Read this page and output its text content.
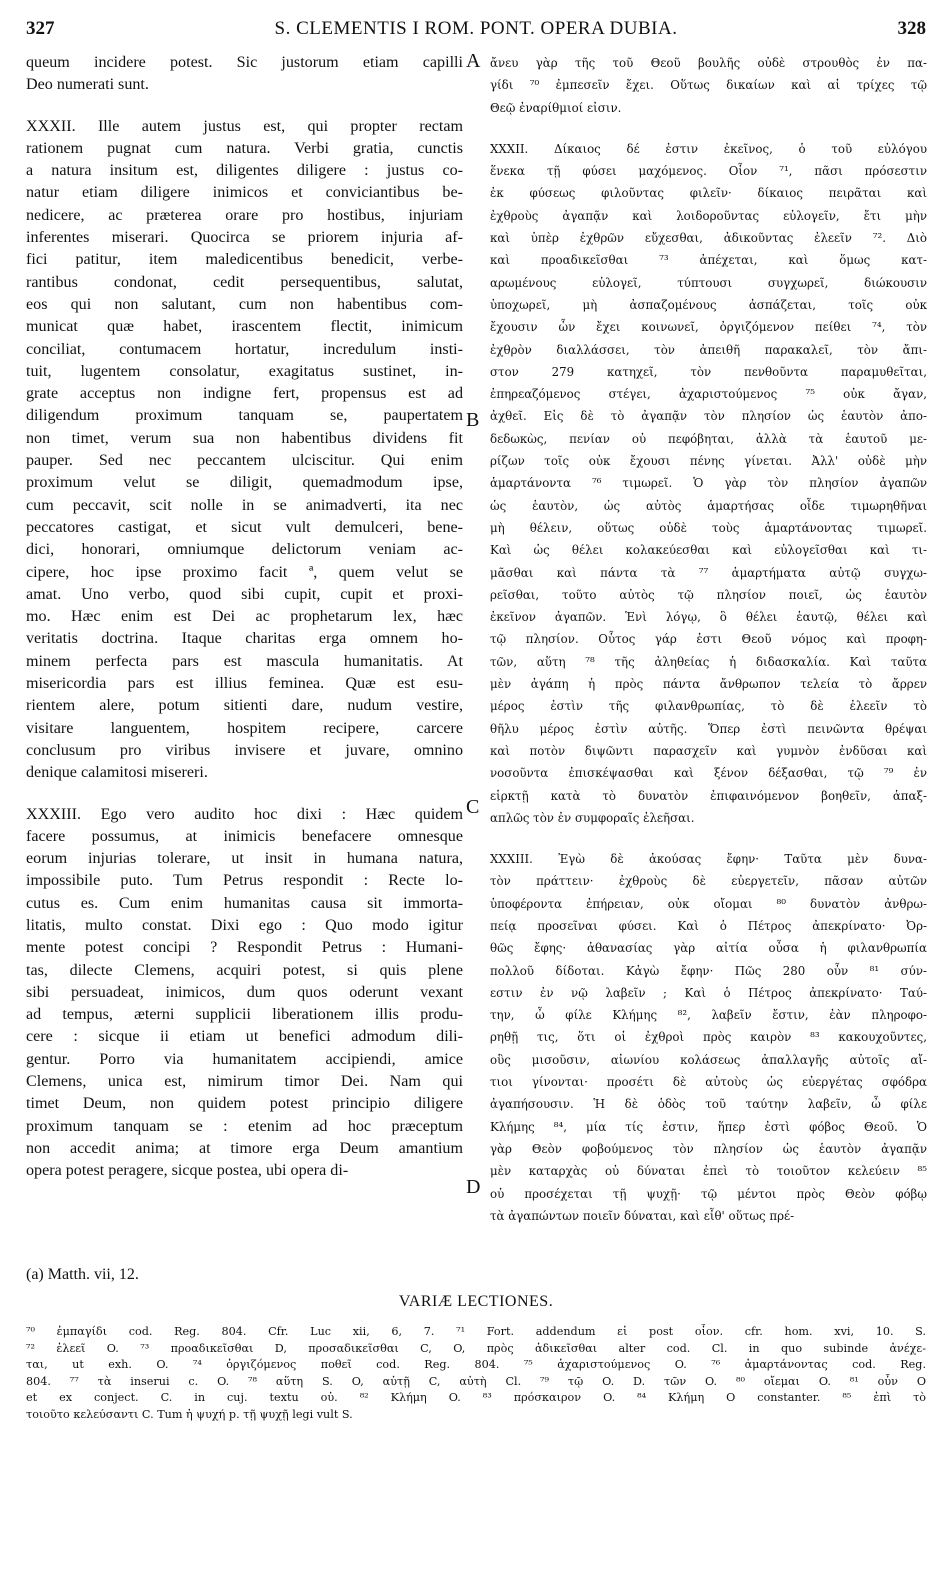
327	S. CLEMENTIS I ROM. PONT. OPERA DUBIA.	328
queum incidere potest. Sic justorum etiam capilli
Deo numerati sunt.
XXXII. Ille autem justus est, qui propter rectam
rationem pugnat cum natura. Verbi gratia, cunctis
a natura insitum est, diligentes diligere : justus co-
natur etiam diligere inimicos et conviciantibus be-
nedicere, ac præterea orare pro hostibus, injuriam
inferentes miserari. Quocirca se priorem injuria af-
fici patitur, item maledicentibus benedicit, verbe-
rantibus condonat, cedit persequentibus, salutat,
eos qui non salutant, cum non habentibus com-
municat quæ habet, irascentem flectit, inimicum
conciliat, contumacem hortatur, incredulum insti-
tuit, lugentem consolatur, exagitatus sustinet, in-
grate acceptus non indigne fert, propensus est ad
diligendum proximum tanquam se, paupertatem
non timet, verum sua non habentibus dividens fit
pauper. Sed nec peccantem ulciscitur. Qui enim
proximum velut se diligit, quemadmodum ipse,
cum peccavit, scit nolle in se animadverti, ita nec
peccatores castigat, et sicut vult demulceri, bene-
dici, honorari, omniumque delictorum veniam ac-
cipere, hoc ipse proximo facit ª, quem velut se
amat. Uno verbo, quod sibi cupit, cupit et proxi-
mo. Hæc enim est Dei ac prophetarum lex, hæc
veritatis doctrina. Itaque charitas erga omnem ho-
minem perfecta pars est mascula humanitatis. At
misericordia pars est illius feminea. Quæ est esu-
rientem alere, potum sitienti dare, nudum vestire,
visitare languentem, hospitem recipere, carcere
conclusum pro viribus invisere et juvare, omnino
denique calamitosi misereri.
XXXIII. Ego vero audito hoc dixi : Hæc quidem
facere possumus, at inimicis benefacere omnesque
eorum injurias tolerare, ut insit in humana natura,
impossibile puto. Tum Petrus respondit : Recte lo-
cutus es. Cum enim humanitas causa sit immorta-
litatis, multo constat. Dixi ego : Quo modo igitur
mente potest concipi ? Respondit Petrus : Humani-
tas, dilecte Clemens, acquiri potest, si quis plene
sibi persuadeat, inimicos, dum quos oderunt vexant
ad tempus, æterni supplicii liberationem illis produ-
cere : sicque ii etiam ut benefici admodum dili-
gentur. Porro via humanitatem accipiendi, amice
Clemens, unica est, nimirum timor Dei. Nam qui
timet Deum, non quidem potest principio diligere
proximum tanquam se : etenim ad hoc præceptum
non accedit anima; at timore erga Deum amantium
opera potest peragere, sicque postea, ubi opera di-
ἄνευ γὰρ τῆς τοῦ Θεοῦ βουλῆς οὐδὲ στρουθὸς ἐν πα-
γίδι ⁷⁰ ἐμπεσεῖν ἔχει. Οὕτως δικαίων καὶ αἱ τρίχες τῷ
Θεῷ ἐναρίθμιοί εἰσιν.
XXXII. Δίκαιος δέ ἐστιν ἐκεῖνος, ὁ τοῦ εὐλόγου
ἕνεκα τῇ φύσει μαχόμενος. Οἷον ⁷¹, πᾶσι πρόσεστιν
ἐκ φύσεως φιλοῦντας φιλεῖν· δίκαιος πειρᾶται καὶ
ἐχθροὺς ἀγαπᾷν καὶ λοιδοροῦντας εὐλογεῖν, ἔτι μὴν
καὶ ὑπὲρ ἐχθρῶν εὔχεσθαι, ἀδικοῦντας ἐλεεῖν ⁷². Διὸ
καὶ προαδικεῖσθαι ⁷³ ἀπέχεται, καὶ ὅμως κατ-
αρωμένους εὐλογεῖ, τύπτουσι συγχωρεῖ, διώκουσιν
ὑποχωρεῖ, μὴ ἀσπαζομένους ἀσπάζεται, τοῖς οὐκ
ἔχουσιν ὧν ἔχει κοινωνεῖ, ὀργιζόμενον πείθει ⁷⁴, τὸν
ἐχθρὸν διαλλάσσει, τὸν ἀπειθῆ παρακαλεῖ, τὸν ἄπι-
στον 279 κατηχεῖ, τὸν πενθοῦντα παραμυθεῖται,
ἐπηρεαζόμενος στέγει, ἀχαριστούμενος ⁷⁵ οὐκ ἄγαν,
ἀχθεῖ. Εἰς δὲ τὸ ἀγαπᾷν τὸν πλησίον ὡς ἑαυτὸν ἀπο-
δεδωκὼς, πενίαν οὐ πεφόβηται, ἀλλὰ τὰ ἑαυτοῦ με-
ρίζων τοῖς οὐκ ἔχουσι πένης γίνεται. Ἀλλ' οὐδὲ μὴν
ἁμαρτάνοντα ⁷⁶ τιμωρεῖ. Ὁ γὰρ τὸν πλησίον ἀγαπῶν
ὡς ἑαυτὸν, ὡς αὐτὸς ἁμαρτήσας οἶδε τιμωρηθῆναι
μὴ θέλειν, οὕτως οὐδὲ τοὺς ἁμαρτάνοντας τιμωρεῖ.
Καὶ ὡς θέλει κολακεύεσθαι καὶ εὐλογεῖσθαι καὶ τι-
μᾶσθαι καὶ πάντα τὰ ⁷⁷ ἁμαρτήματα αὐτῷ συγχω-
ρεῖσθαι, τοῦτο αὐτὸς τῷ πλησίον ποιεῖ, ὡς ἑαυτὸν
ἐκεῖνον ἀγαπῶν. Ἑνὶ λόγῳ, ὃ θέλει ἑαυτῷ, θέλει καὶ
τῷ πλησίον. Οὗτος γάρ ἐστι Θεοῦ νόμος καὶ προφη-
τῶν, αὕτη ⁷⁸ τῆς ἀληθείας ἡ διδασκαλία. Καὶ ταῦτα
μὲν ἀγάπη ἡ πρὸς πάντα ἄνθρωπον τελεία τὸ ἄρρεν
μέρος ἐστὶν τῆς φιλανθρωπίας, τὸ δὲ ἐλεεῖν τὸ
θῆλυ μέρος ἐστὶν αὐτῆς. Ὅπερ ἐστὶ πεινῶντα θρέψαι
καὶ ποτὸν διψῶντι παρασχεῖν καὶ γυμνὸν ἐνδῦσαι καὶ
νοσοῦντα ἐπισκέψασθαι καὶ ξένον δέξασθαι, τῷ ⁷⁹ ἐν
εἱρκτῇ κατὰ τὸ δυνατὸν ἐπιφαινόμενον βοηθεῖν, ἁπαξ-
απλῶς τὸν ἐν συμφοραῖς ἐλεῆσαι.
XXXIII. Ἐγὼ δὲ ἀκούσας ἔφην· Ταῦτα μὲν δυνα-
τὸν πράττειν· ἐχθροὺς δὲ εὐεργετεῖν, πᾶσαν αὐτῶν
ὑποφέροντα ἐπήρειαν, οὐκ οἴομαι ⁸⁰ δυνατὸν ἀνθρω-
πείᾳ προσεῖναι φύσει. Καὶ ὁ Πέτρος ἀπεκρίνατο· Ὀρ-
θῶς ἔφης· ἀθανασίας γὰρ αἰτία οὖσα ἡ φιλανθρωπία
πολλοῦ δίδοται. Κἀγὼ ἔφην· Πῶς 280 οὖν ⁸¹ σύν-
εστιν ἐν νῷ λαβεῖν ; Καὶ ὁ Πέτρος ἀπεκρίνατο· Ταύ-
την, ὦ φίλε Κλήμης ⁸², λαβεῖν ἔστιν, ἐὰν πληροφο-
ρηθῇ τις, ὅτι οἱ ἐχθροὶ πρὸς καιρὸν ⁸³ κακουχοῦντες,
οὓς μισοῦσιν, αἰωνίου κολάσεως ἀπαλλαγῆς αὐτοῖς αἴ-
τιοι γίνονται· προσέτι δὲ αὐτοὺς ὡς εὐεργέτας σφόδρα
ἀγαπήσουσιν. Ἡ δὲ ὁδὸς τοῦ ταύτην λαβεῖν, ὦ φίλε
Κλήμης ⁸⁴, μία τίς ἐστιν, ἥπερ ἐστὶ φόβος Θεοῦ. Ὁ
γὰρ Θεὸν φοβούμενος τὸν πλησίον ὡς ἑαυτὸν ἀγαπᾷν
μὲν καταρχὰς οὐ δύναται ἐπεὶ τὸ τοιοῦτον κελεύειν ⁸⁵
οὐ προσέχεται τῇ ψυχῇ· τῷ μέντοι πρὸς Θεὸν φόβῳ
τὰ ἀγαπώντων ποιεῖν δύναται, καὶ εἶθ' οὕτως πρέ-
A
B
C
D
(a) Matth. vii, 12.
VARIÆ LECTIONES.
⁷⁰ ἐμπαγίδι cod. Reg. 804. Cfr. Luc xii, 6, 7. ⁷¹ Fort. addendum εἰ post οἷον. cfr. hom. xvi, 10. S.
⁷² ἐλεεῖ O. ⁷³ προαδικεῖσθαι D, προσαδικεῖσθαι C, O, πρὸς ἀδικεῖσθαι alter cod. Cl. in quo subinde ἀνέχε-
ται, ut exh. O. ⁷⁴ ὀργιζόμενος ποθεῖ cod. Reg. 804. ⁷⁵ ἀχαριστούμενος O. ⁷⁶ ἁμαρτάνοντας cod. Reg.
804. ⁷⁷ τὰ inserui c. O. ⁷⁸ αὕτη S. O, αὐτῇ C, αὐτὴ Cl. ⁷⁹ τῷ O. D. τῶν O. ⁸⁰ οἴεμαι O. ⁸¹ οὖν O
et ex conject. C. in cuj. textu οὐ. ⁸² Κλήμη O. ⁸³ πρόσκαιρον O. ⁸⁴ Κλήμη O constanter. ⁸⁵ ἐπὶ τὸ
τοιοῦτο κελεύσαντι C. Tum ἡ ψυχή p. τῇ ψυχῇ legi vult S.
